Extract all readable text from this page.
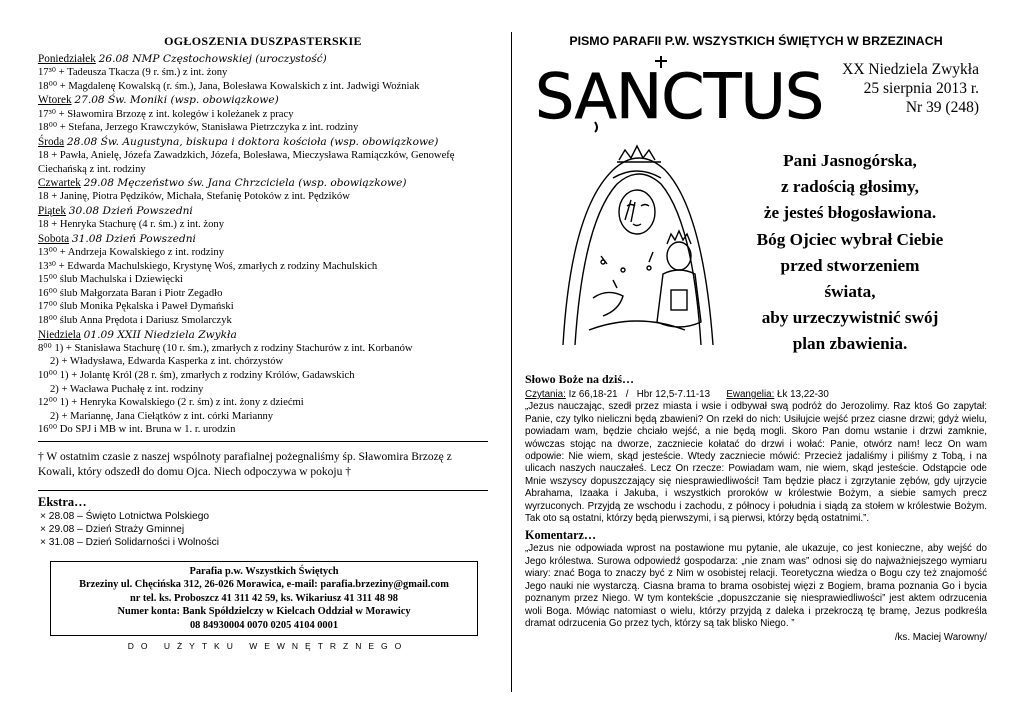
OGŁOSZENIA DUSZPASTERSKIE
Poniedziałek 26.08 NMP Częstochowskiej (uroczystość)
17³⁰ + Tadeusza Tkacza (9 r. śm.) z int. żony
18⁰⁰ + Magdalenę Kowalską (r. śm.), Jana, Bolesława Kowalskich z int. Jadwigi Woźniak
Wtorek 27.08 Św. Moniki (wsp. obowiązkowe)
17³⁰ + Sławomira Brzozę z int. kolegów i koleżanek z pracy
18⁰⁰ + Stefana, Jerzego Krawczyków, Stanisława Pietrzczyka z int. rodziny
Środa 28.08 Św. Augustyna, biskupa i doktora kościoła (wsp. obowiązkowe)
18 + Pawła, Anielę, Józefa Zawadzkich, Józefa, Bolesława, Mieczysława Ramiączków, Genowefę Ciechańską z int. rodziny
Czwartek 29.08 Męczeństwo św. Jana Chrzciciela (wsp. obowiązkowe)
18 + Janinę, Piotra Pędzików, Michała, Stefanię Potoków z int. Pędzików
Piątek 30.08 Dzień Powszedni
18 + Henryka Stachurę (4 r. śm.) z int. żony
Sobota 31.08 Dzień Powszedni
13⁰⁰ + Andrzeja Kowalskiego z int. rodziny
13³⁰ + Edwarda Machulskiego, Krystynę Woś, zmarłych z rodziny Machulskich
15⁰⁰ ślub Machulska i Dziewięcki
16⁰⁰ ślub Małgorzata Baran i Piotr Zegadło
17⁰⁰ ślub Monika Pękalska i Paweł Dymański
18⁰⁰ ślub Anna Prędota i Dariusz Smolarczyk
Niedziela 01.09 XXII Niedziela Zwykła
8⁰⁰ 1) + Stanisława Stachurę (10 r. śm.), zmarłych z rodziny Stachurów z int. Korbanów
2) + Władysława, Edwarda Kasperka z int. chórzystów
10⁰⁰ 1) + Jolantę Król (28 r. śm), zmarłych z rodziny Królów, Gadawskich
2) + Wacława Puchałę z int. rodziny
12⁰⁰ 1) + Henryka Kowalskiego (2 r. śm) z int. żony z dziećmi
2) + Mariannę, Jana Ciełątków z int. córki Marianny
16⁰⁰ Do SPJ i MB w int. Bruna w 1. r. urodzin
† W ostatnim czasie z naszej wspólnoty parafialnej pożegnaliśmy śp. Sławomira Brzozę z Kowali, który odszedł do domu Ojca. Niech odpoczywa w pokoju †
Ekstra…
× 28.08 – Święto Lotnictwa Polskiego
× 29.08 – Dzień Straży Gminnej
× 31.08 – Dzień Solidarności i Wolności
Parafia p.w. Wszystkich Świętych
Brzeziny ul. Chęcińska 312, 26-026 Morawica, e-mail: parafia.brzeziny@gmail.com
nr tel. ks. Proboszcz 41 311 42 59, ks. Wikariusz 41 311 48 98
Numer konta: Bank Spółdzielczy w Kielcach Oddział w Morawicy
08 84930004 0070 0205 4104 0001
DO UŻYTKU WEWNĘTRZNEGO
PISMO PARAFII P.W. WSZYSTKICH ŚWIĘTYCH W BRZEZINACH
SANCTUS XX Niedziela Zwykła
25 sierpnia 2013 r.
Nr 39 (248)
Pani Jasnogórska,
z radością głosimy,
że jesteś błogosławiona.
Bóg Ojciec wybrał Ciebie
przed stworzeniem
świata,
aby urzeczywistnić swój
plan zbawienia.
Słowo Boże na dziś…
Czytania: Iz 66,18-21 / Hbr 12,5-7.11-13 Ewangelia: Łk 13,22-30
„Jezus nauczając, szedł przez miasta i wsie i odbywał swą podróż do Jerozolimy. Raz ktoś Go zapytał: Panie, czy tylko nieliczni będą zbawieni? On rzekł do nich: Usiłujcie wejść przez ciasne drzwi; gdyż wielu, powiadam wam, będzie chciało wejść, a nie będą mogli. Skoro Pan domu wstanie i drzwi zamknie, wówczas stojąc na dworze, zaczniecie kołatać do drzwi i wołać: Panie, otwórz nam! lecz On wam odpowie: Nie wiem, skąd jesteście. Wtedy zaczniecie mówić: Przecież jadaliśmy i piliśmy z Tobą, i na ulicach naszych nauczałeś. Lecz On rzecze: Powiadam wam, nie wiem, skąd jesteście. Odstąpcie ode Mnie wszyscy dopuszczający się niesprawiedliwości! Tam będzie płacz i zgrzytanie zębów, gdy ujrzycie Abrahama, Izaaka i Jakuba, i wszystkich proroków w królestwie Bożym, a siebie samych precz wyrzuconych. Przyjdą ze wschodu i zachodu, z północy i południa i siądą za stołem w królestwie Bożym. Tak oto są ostatni, którzy będą pierwszymi, i są pierwsi, którzy będą ostatnimi.”.
Komentarz…
„Jezus nie odpowiada wprost na postawione mu pytanie, ale ukazuje, co jest konieczne, aby wejść do Jego królestwa. Surowa odpowiedź gospodarza: „nie znam was” odnosi się do najważniejszego wymiaru wiary: znać Boga to znaczy być z Nim w osobistej relacji. Teoretyczna wiedza o Bogu czy też znajomość Jego nauki nie wystarczą. Ciasna brama to brama osobistej więzi z Bogiem, brama poznania Go i bycia poznanym przez Niego. W tym kontekście „dopuszczanie się niesprawiedliwości” jest aktem odrzucenia woli Boga. Mówiąc natomiast o wielu, którzy przyjdą z daleka i przekroczą tę bramę, Jezus podkreśla dramat odrzucenia Go przez tych, którzy są tak blisko Niego. ”
/ks. Maciej Warowny/
